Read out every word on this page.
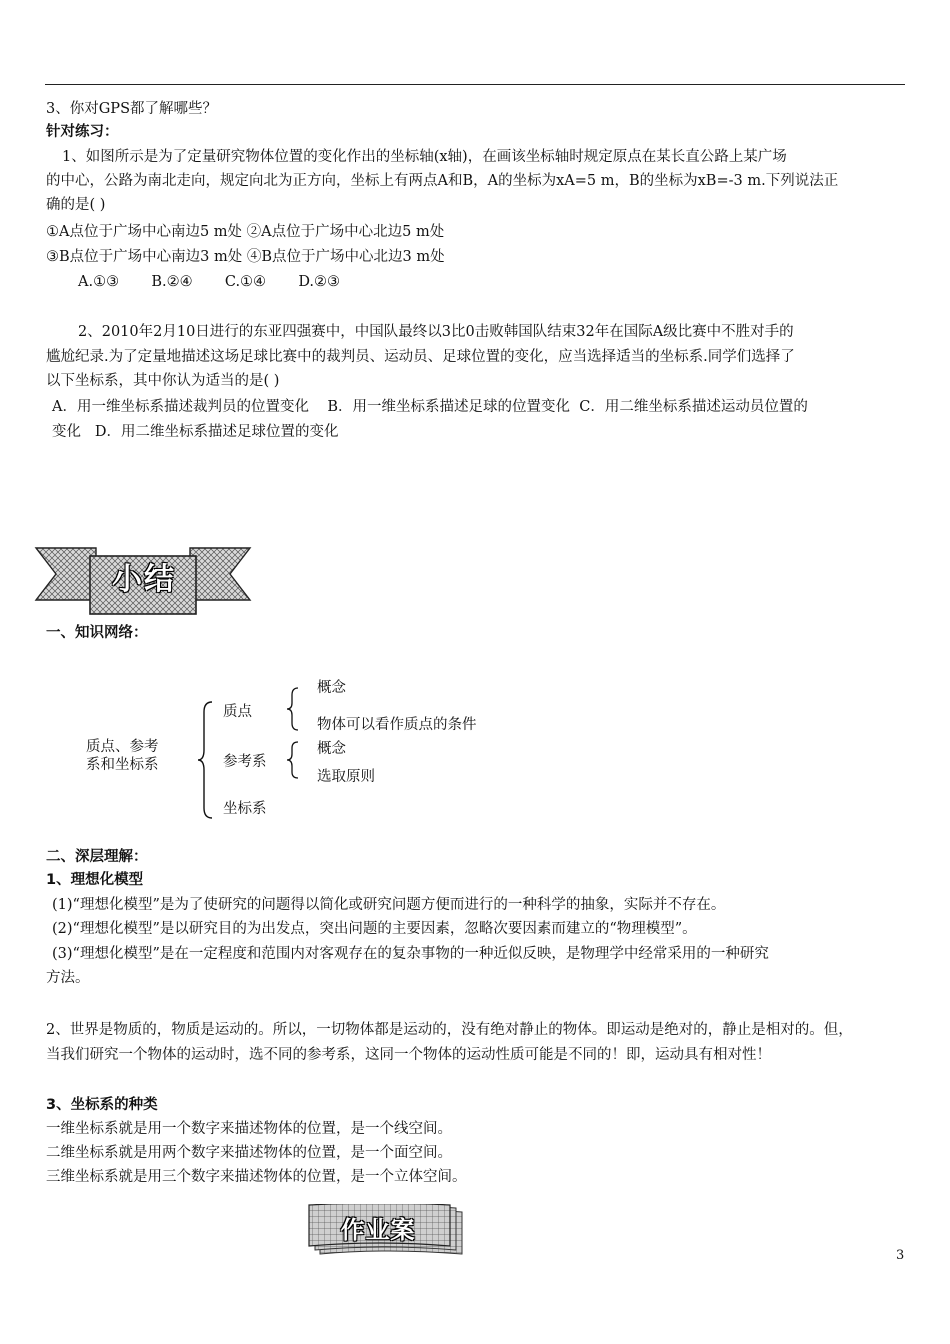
3、你对GPS都了解哪些？
针对练习：
1、如图所示是为了定量研究物体位置的变化作出的坐标轴(x轴)，在画该坐标轴时规定原点在某长直公路上某广场
的中心，公路为南北走向，规定向北为正方向，坐标上有两点A和B，A的坐标为xA=5 m，B的坐标为xB=-3 m.下列说法正
确的是( )
①A点位于广场中心南边5 m处 ②A点位于广场中心北边5 m处
③B点位于广场中心南边3 m处 ④B点位于广场中心北边3 m处
A.①③       B.②④       C.①④       D.②③
2、2010年2月10日进行的东亚四强赛中，中国队最终以3比0击败韩国队结束32年在国际A级比赛中不胜对手的
尴尬纪录.为了定量地描述这场足球比赛中的裁判员、运动员、足球位置的变化，应当选择适当的坐标系.同学们选择了
以下坐标系，其中你认为适当的是( )
A．用一维坐标系描述裁判员的位置变化    B．用一维坐标系描述足球的位置变化  C．用二维坐标系描述运动员位置的
变化   D．用二维坐标系描述足球位置的变化
小结
一、知识网络：
质点、参考
系和坐标系
质点
参考系
坐标系
概念
物体可以看作质点的条件
概念
选取原则
二、深层理解：
1、理想化模型
(1)“理想化模型”是为了使研究的问题得以简化或研究问题方便而进行的一种科学的抽象，实际并不存在。
(2)“理想化模型”是以研究目的为出发点，突出问题的主要因素，忽略次要因素而建立的“物理模型”。
(3)“理想化模型”是在一定程度和范围内对客观存在的复杂事物的一种近似反映，是物理学中经常采用的一种研究
方法。
2、世界是物质的，物质是运动的。所以，一切物体都是运动的，没有绝对静止的物体。即运动是绝对的，静止是相对的。但，
当我们研究一个物体的运动时，选不同的参考系，这同一个物体的运动性质可能是不同的！即，运动具有相对性！
3、坐标系的种类
一维坐标系就是用一个数字来描述物体的位置，是一个线空间。
二维坐标系就是用两个数字来描述物体的位置，是一个面空间。
三维坐标系就是用三个数字来描述物体的位置，是一个立体空间。
作业案
3
